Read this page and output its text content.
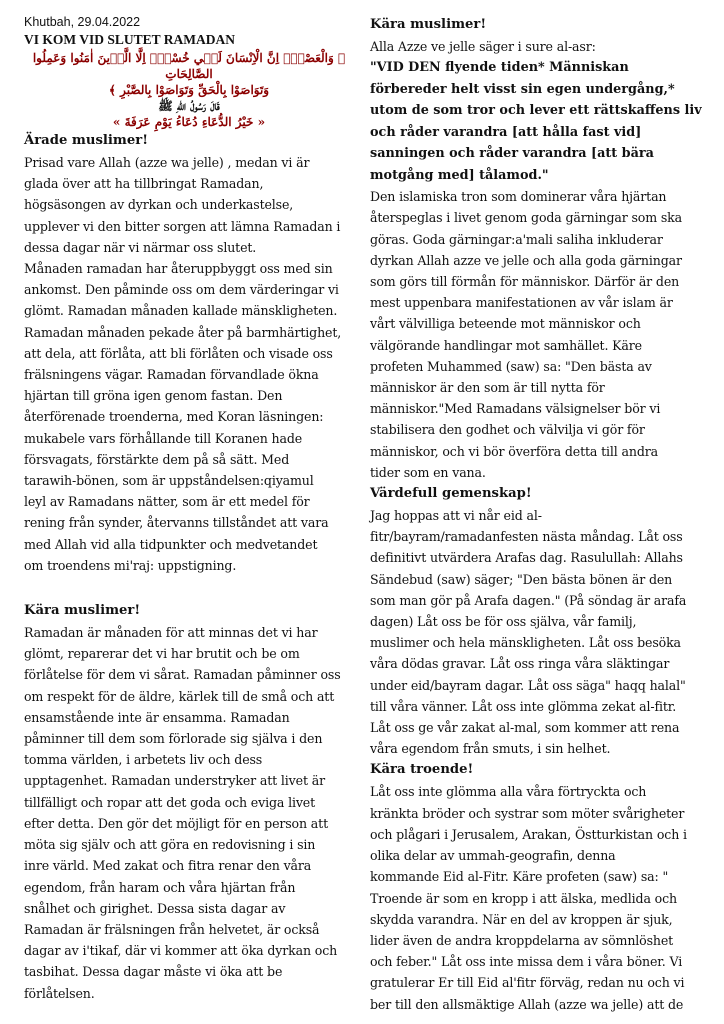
Khutbah, 29.04.2022

VI KOM VID SLUTET RAMADAN

﴿ وَالْعَصْرِۙ اِنَّ الْاِنْسَانَ لَف۪ي خُسْرٍۙ اِلَّا الَّذ۪ينَ اٰمَنُوا وَعَمِلُوا الصَّالِحَاتِ

وَتَوَاصَوْا بِالْحَقِّ وَتَوَاصَوْا بِالصَّبْرِ ﴾

قَالَ رَسُولُ اللّٰهِ ﷺ

« خَيْرُ الدُّعَاءِ دُعَاءُ يَوْمِ عَرَفَةَ »

Ärade muslimer!

Prisad vare Allah (azze wa jelle) , medan vi är

glada över att ha tillbringat Ramadan,

högsäsongen av dyrkan och underkastelse,

upplever vi den bitter sorgen att lämna Ramadan i

dessa dagar när vi närmar oss slutet.

Månaden ramadan har återuppbyggt oss med sin

ankomst. Den påminde oss om dem värderingar vi

glömt. Ramadan månaden kallade mänskligheten.

Ramadan månaden pekade åter på barmhärtighet,

att dela, att förlåta, att bli förlåten och visade oss

frälsningens vägar. Ramadan förvandlade ökna

hjärtan till gröna igen genom fastan. Den

återförenade troenderna, med Koran läsningen:

mukabele vars förhållande till Koranen hade

försvagats, förstärkte dem på så sätt. Med

tarawih-bönen, som är uppståndelsen:qiyamul

leyl av Ramadans nätter, som är ett medel för

rening från synder, återvanns tillståndet att vara

med Allah vid alla tidpunkter och medvetandet

om troendens mi'raj: uppstigning.

Kära muslimer!

Ramadan är månaden för att minnas det vi har

glömt, reparerar det vi har brutit och be om

förlåtelse för dem vi sårat. Ramadan påminner oss

om respekt för de äldre, kärlek till de små och att

ensamstående inte är ensamma. Ramadan

påminner till dem som förlorade sig själva i den

tomma världen, i arbetets liv och dess

upptagenhet. Ramadan understryker att livet är

tillfälligt och ropar att det goda och eviga livet

efter detta. Den gör det möjligt för en person att

möta sig själv och att göra en redovisning i sin

inre värld. Med zakat och fitra renar den våra

egendom, från haram och våra hjärtan från

snålhet och girighet. Dessa sista dagar av

Ramadan är frälsningen från helvetet, är också

dagar av i'tikaf, där vi kommer att öka dyrkan och

tasbihat. Dessa dagar måste vi öka att be

förlåtelsen.

Kära muslimer!

Alla Azze ve jelle säger i sure al-asr:

"VID DEN flyende tiden* Människan

förbereder helt visst sin egen undergång,*

utom de som tror och lever ett rättskaffens liv

och råder varandra [att hålla fast vid]

sanningen och råder varandra [att bära

motgång med] tålamod."

Den islamiska tron som dominerar våra hjärtan

återspeglas i livet genom goda gärningar som ska

göras. Goda gärningar:a'mali saliha inkluderar

dyrkan Allah azze ve jelle och alla goda gärningar

som görs till förmån för människor. Därför är den

mest uppenbara manifestationen av vår islam är

vårt välvilliga beteende mot människor och

välgörande handlingar mot samhället. Käre

profeten Muhammed (saw) sa: "Den bästa av

människor är den som är till nytta för

människor."Med Ramadans välsignelser bör vi

stabilisera den godhet och välvilja vi gör för

människor, och vi bör överföra detta till andra

tider som en vana.

Värdefull gemenskap!

Jag hoppas att vi når eid al-

fitr/bayram/ramadanfesten nästa måndag. Låt oss

definitivt utvärdera Arafas dag. Rasulullah: Allahs

Sändebud (saw) säger; "Den bästa bönen är den

som man gör på Arafa dagen." (På söndag är arafa

dagen) Låt oss be för oss själva, vår familj,

muslimer och hela mänskligheten. Låt oss besöka

våra dödas gravar. Låt oss ringa våra släktingar

under eid/bayram dagar. Låt oss säga" haqq halal"

till våra vänner. Låt oss inte glömma zekat al-fitr.

Låt oss ge vår zakat al-mal, som kommer att rena

våra egendom från smuts, i sin helhet.

Kära troende!

Låt oss inte glömma alla våra förtryckta och

kränkta bröder och systrar som möter svårigheter

och plågari i Jerusalem, Arakan, Östturkistan och i

olika delar av ummah-geografin, denna

kommande Eid al-Fitr. Käre profeten (saw) sa: "

Troende är som en kropp i att älska, medlida och

skydda varandra. När en del av kroppen är sjuk,

lider även de andra kroppdelarna av sömnlöshet

och feber." Låt oss inte missa dem i våra böner. Vi

gratulerar Er till Eid al'fitr förväg, redan nu och vi

ber till den allsmäktige Allah (azze wa jelle) att de
